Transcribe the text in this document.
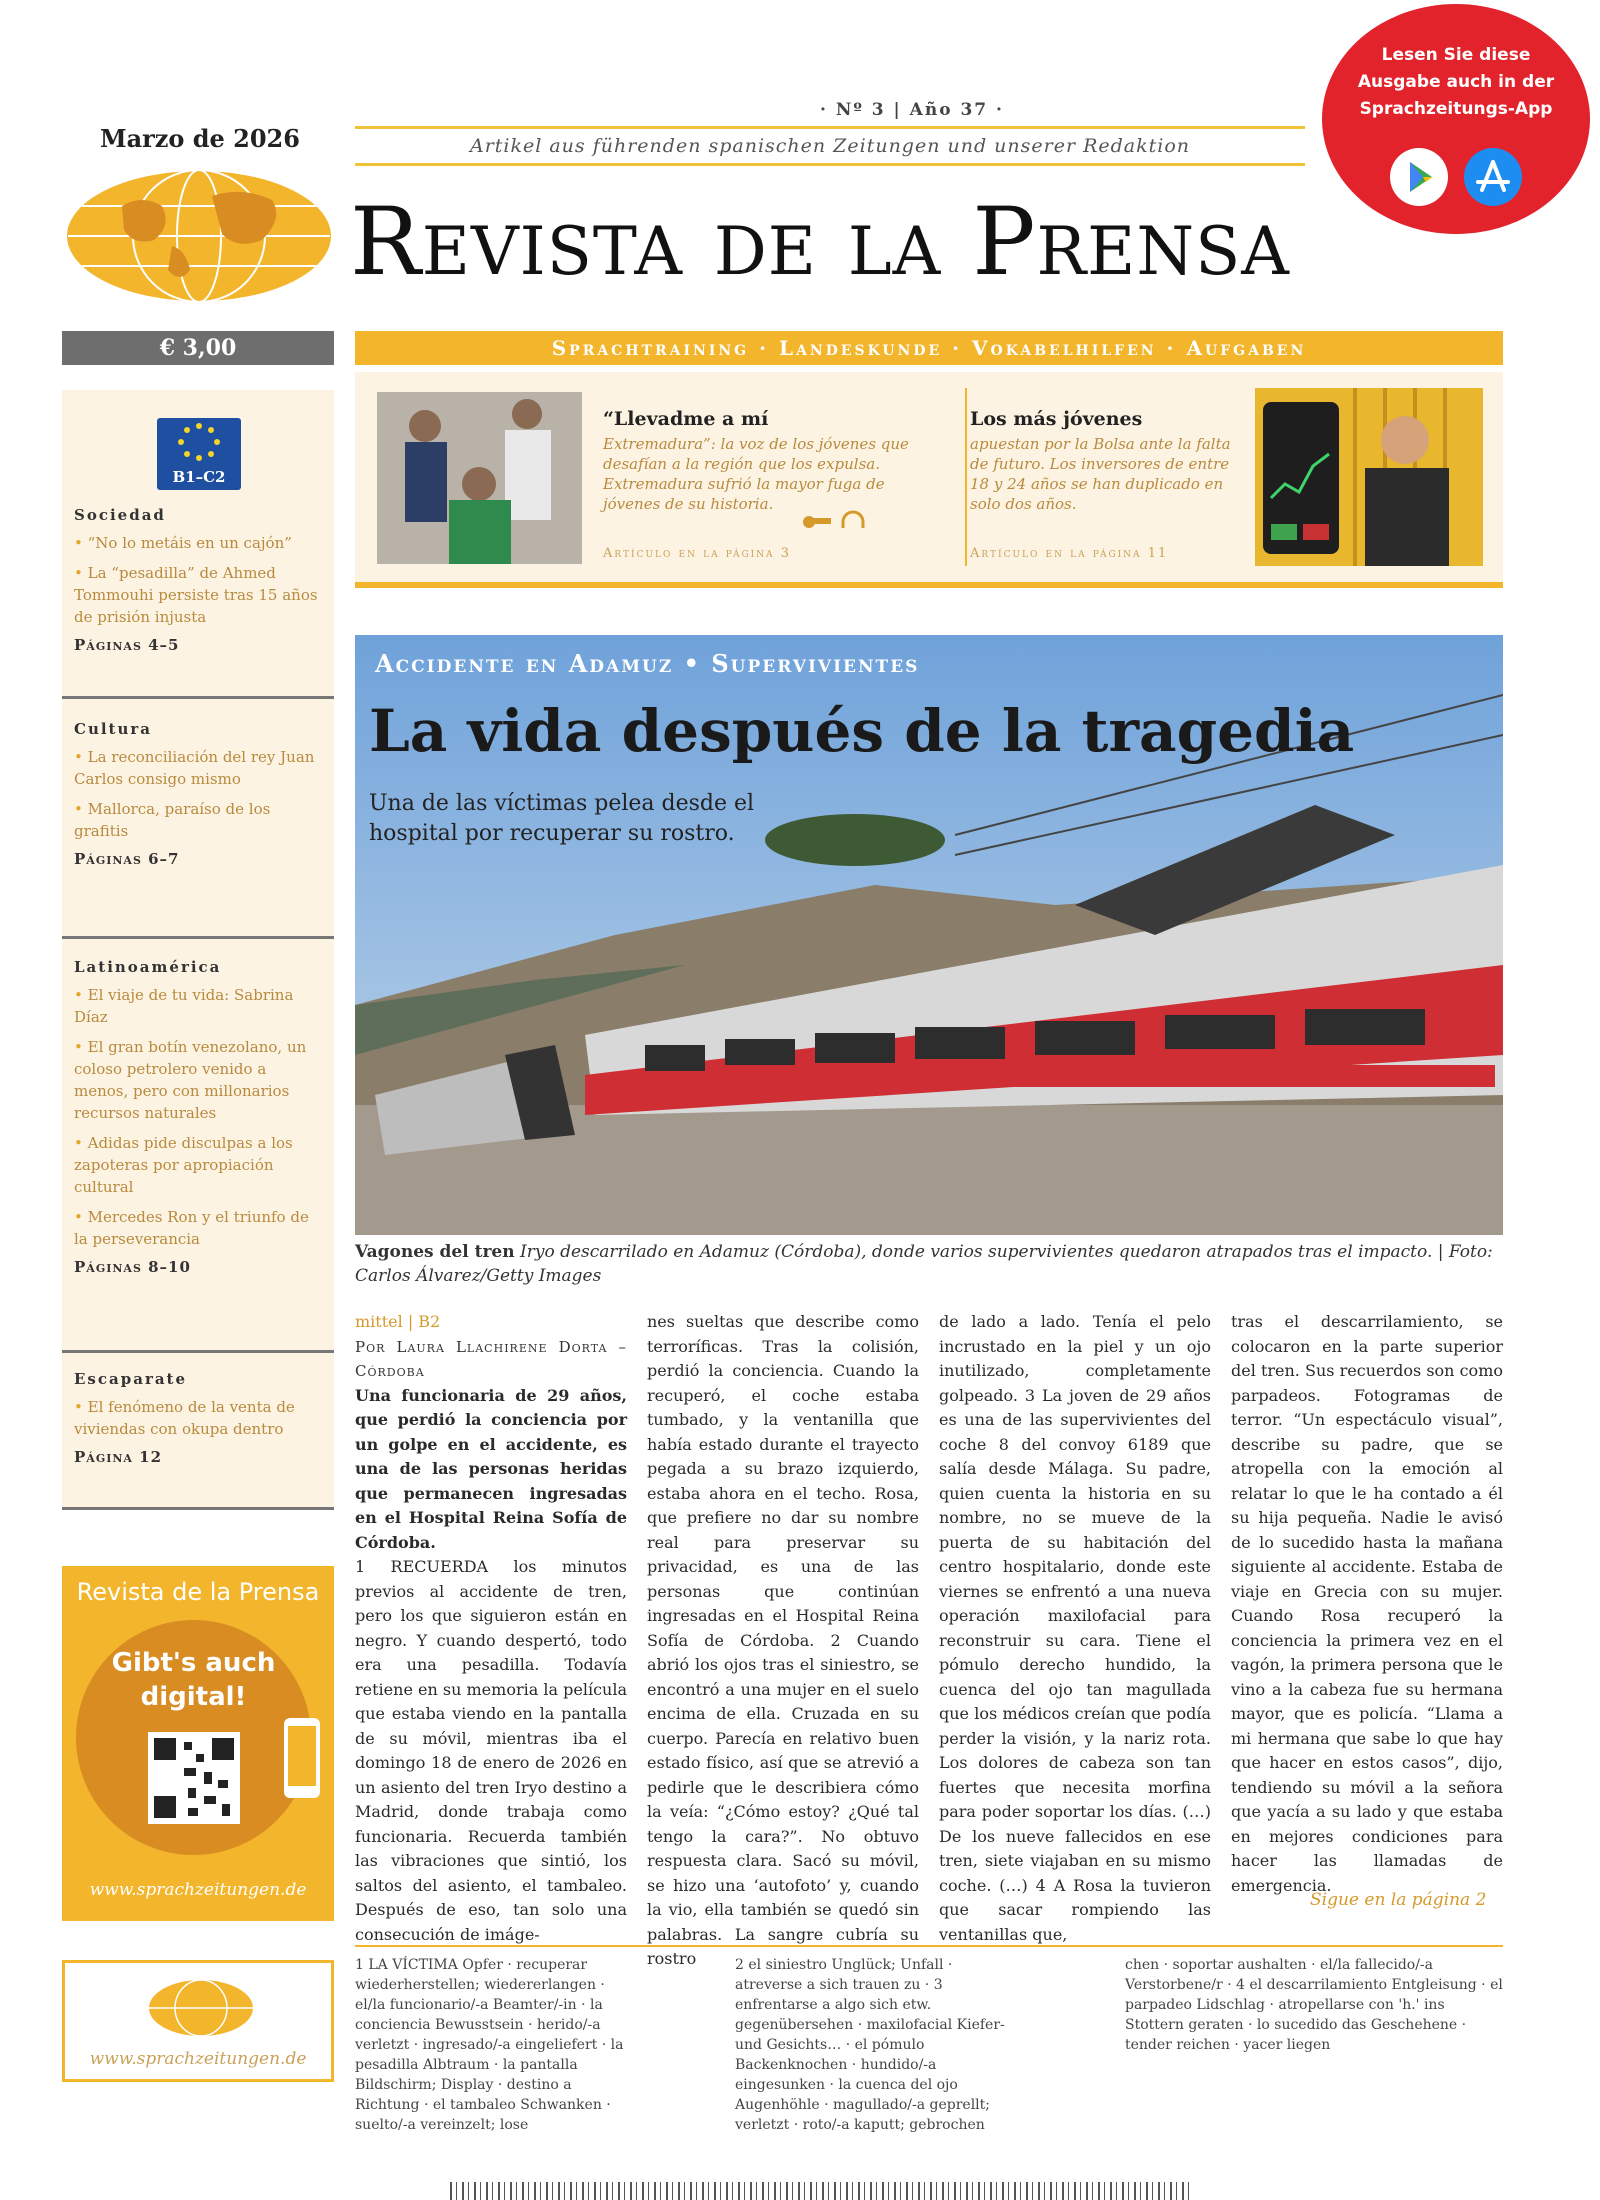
Marzo de 2026
· Nº 3 | Año 37 ·
Artikel aus führenden spanischen Zeitungen und unserer Redaktion
Revista de la Prensa
€ 3,00	Sprachtraining · Landeskunde · Vokabelhilfen · Aufgaben
Lesen Sie diese Ausgabe auch in der Sprachzeitungs-App
B1–C2
Sociedad
• “No lo metáis en un cajón”
• La “pesadilla” de Ahmed Tommouhi persiste tras 15 años de prisión injusta
Páginas 4–5
Cultura
• La reconciliación del rey Juan Carlos consigo mismo
• Mallorca, paraíso de los grafitis
Páginas 6–7
Latinoamérica
• El viaje de tu vida: Sabrina Díaz
• El gran botín venezolano, un coloso petrolero venido a menos, pero con millonarios recursos naturales
• Adidas pide disculpas a los zapoteras por apropiación cultural
• Mercedes Ron y el triunfo de la perseverancia
Páginas 8–10
Escaparate
• El fenómeno de la venta de viviendas con okupa dentro
Página 12
“Llevadme a mí
Extremadura”: la voz de los jóvenes que desafían a la región que los expulsa. Extremadura sufrió la mayor fuga de jóvenes de su historia.
Artículo en la página 3
Los más jóvenes
apuestan por la Bolsa ante la falta de futuro. Los inversores de entre 18 y 24 años se han duplicado en solo dos años.
Artículo en la página 11
Accidente en Adamuz • Supervivientes
La vida después de la tragedia
Una de las víctimas pelea desde el hospital por recuperar su rostro.
Vagones del tren Iryo descarrilado en Adamuz (Córdoba), donde varios supervivientes quedaron atrapados tras el impacto. | Foto: Carlos Álvarez/Getty Images
mittel | B2
Por Laura Llachirene Dorta – Córdoba
Una funcionaria de 29 años, que perdió la conciencia por un golpe en el accidente, es una de las personas heridas que permanecen ingresadas en el Hospital Reina Sofía de Córdoba.
1 RECUERDA los minutos previos al accidente de tren, pero los que siguieron están en negro. Y cuando despertó, todo era una pesadilla. Todavía retiene en su memoria la película que estaba viendo en la pantalla de su móvil, mientras iba el domingo 18 de enero de 2026 en un asiento del tren Iryo destino a Madrid, donde trabaja como funcionaria. Recuerda también las vibraciones que sintió, los saltos del asiento, el tambaleo. Después de eso, tan solo una consecución de imáge-
nes sueltas que describe como terroríficas. Tras la colisión, perdió la conciencia. Cuando la recuperó, el coche estaba tumbado, y la ventanilla que había estado durante el trayecto pegada a su brazo izquierdo, estaba ahora en el techo. Rosa, que prefiere no dar su nombre real para preservar su privacidad, es una de las personas que continúan ingresadas en el Hospital Reina Sofía de Córdoba. 2 Cuando abrió los ojos tras el siniestro, se encontró a una mujer en el suelo encima de ella. Cruzada en su cuerpo. Parecía en relativo buen estado físico, así que se atrevió a pedirle que le describiera cómo la veía: “¿Cómo estoy? ¿Qué tal tengo la cara?”. No obtuvo respuesta clara. Sacó su móvil, se hizo una ‘autofoto’ y, cuando la vio, ella también se quedó sin palabras. La sangre cubría su rostro
de lado a lado. Tenía el pelo incrustado en la piel y un ojo inutilizado, completamente golpeado. 3 La joven de 29 años es una de las supervivientes del coche 8 del convoy 6189 que salía desde Málaga. Su padre, quien cuenta la historia en su nombre, no se mueve de la puerta de su habitación del centro hospitalario, donde este viernes se enfrentó a una nueva operación maxilofacial para reconstruir su cara. Tiene el pómulo derecho hundido, la cuenca del ojo tan magullada que los médicos creían que podía perder la visión, y la nariz rota. Los dolores de cabeza son tan fuertes que necesita morfina para poder soportar los días. (…) De los nueve fallecidos en ese tren, siete viajaban en su mismo coche. (…) 4 A Rosa la tuvieron que sacar rompiendo las ventanillas que,
tras el descarrilamiento, se colocaron en la parte superior del tren. Sus recuerdos son como parpadeos. Fotogramas de terror. “Un espectáculo visual”, describe su padre, que se atropella con la emoción al relatar lo que le ha contado a él su hija pequeña. Nadie le avisó de lo sucedido hasta la mañana siguiente al accidente. Estaba de viaje en Grecia con su mujer. Cuando Rosa recuperó la conciencia la primera vez en el vagón, la primera persona que le vino a la cabeza fue su hermana mayor, que es policía. “Llama a mi hermana que sabe lo que hay que hacer en estos casos”, dijo, tendiendo su móvil a la señora que yacía a su lado y que estaba en mejores condiciones para hacer las llamadas de emergencia.
Sigue en la página 2
1 LA VÍCTIMA Opfer · recuperar wiederherstellen; wiedererlangen · el/la funcionario/-a Beamter/-in · la conciencia Bewusstsein · herido/-a verletzt · ingresado/-a eingeliefert · la pesadilla Albtraum · la pantalla Bildschirm; Display · destino a Richtung · el tambaleo Schwanken · suelto/-a vereinzelt; lose
2 el siniestro Unglück; Unfall · atreverse a sich trauen zu · 3 enfrentarse a algo sich etw. gegenübersehen · maxilofacial Kiefer- und Gesichts… · el pómulo Backenknochen · hundido/-a eingesunken · la cuenca del ojo Augenhöhle · magullado/-a geprellt; verletzt · roto/-a kaputt; gebrochen
chen · soportar aushalten · el/la fallecido/-a Verstorbene/r · 4 el descarrilamiento Entgleisung · el parpadeo Lidschlag · atropellarse con 'h.' ins Stottern geraten · lo sucedido das Geschehene · tender reichen · yacer liegen
Revista de la Prensa
Gibt's auch digital!
www.sprachzeitungen.de
www.sprachzeitungen.de
